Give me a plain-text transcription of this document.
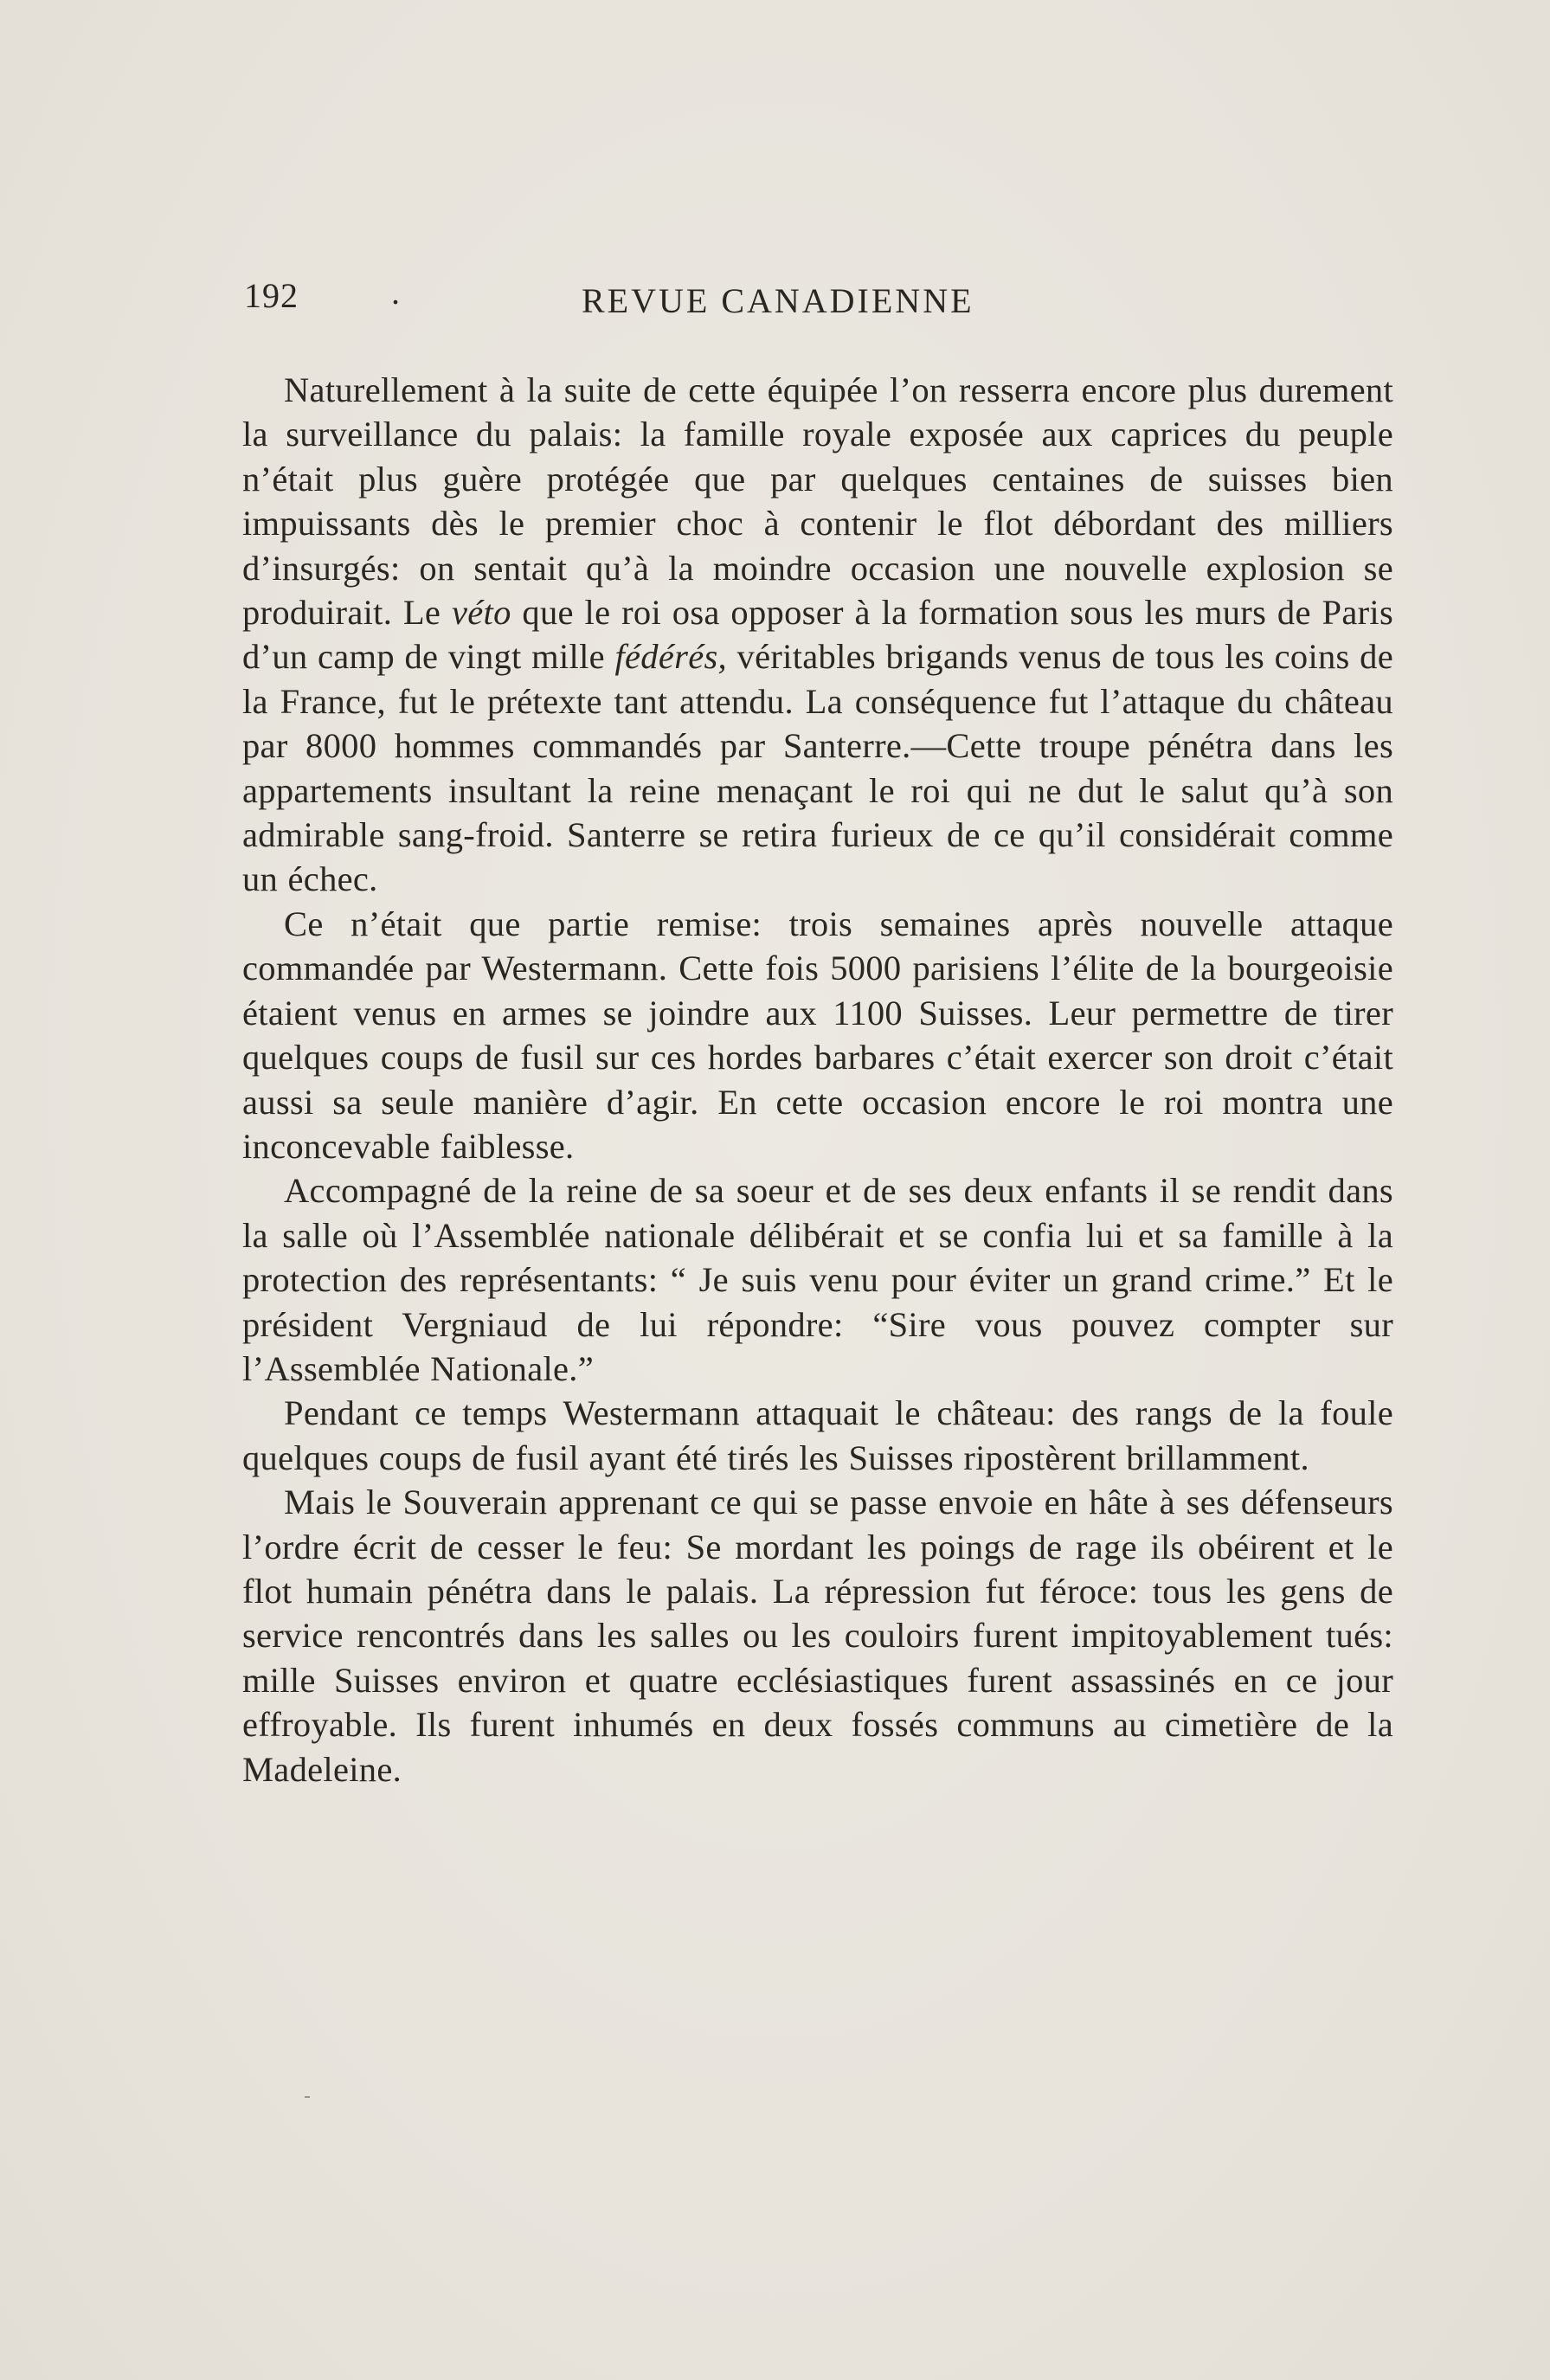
192	.	REVUE CANADIENNE

Naturellement à la suite de cette équipée l’on resserra encore plus durement la surveillance du palais: la famille royale exposée aux caprices du peuple n’était plus guère protégée que par quelques centaines de suisses bien impuissants dès le premier choc à contenir le flot débordant des milliers d’insurgés: on sentait qu’à la moindre occasion une nouvelle explosion se produirait. Le véto que le roi osa opposer à la formation sous les murs de Paris d’un camp de vingt mille fédérés, véritables brigands venus de tous les coins de la France, fut le prétexte tant attendu. La conséquence fut l’attaque du château par 8000 hommes commandés par Santerre.—Cette troupe pénétra dans les appartements insultant la reine menaçant le roi qui ne dut le salut qu’à son admirable sang-froid. Santerre se retira furieux de ce qu’il considérait comme un échec.

Ce n’était que partie remise: trois semaines après nouvelle attaque commandée par Westermann. Cette fois 5000 parisiens l’élite de la bourgeoisie étaient venus en armes se joindre aux 1100 Suisses. Leur permettre de tirer quelques coups de fusil sur ces hordes barbares c’était exercer son droit c’était aussi sa seule manière d’agir. En cette occasion encore le roi montra une inconcevable faiblesse.

Accompagné de la reine de sa soeur et de ses deux enfants il se rendit dans la salle où l’Assemblée nationale délibérait et se confia lui et sa famille à la protection des représentants: “ Je suis venu pour éviter un grand crime.” Et le président Vergniaud de lui répondre: “Sire vous pouvez compter sur l’Assemblée Nationale.”

Pendant ce temps Westermann attaquait le château: des rangs de la foule quelques coups de fusil ayant été tirés les Suisses ripostèrent brillamment.

Mais le Souverain apprenant ce qui se passe envoie en hâte à ses défenseurs l’ordre écrit de cesser le feu: Se mordant les poings de rage ils obéirent et le flot humain pénétra dans le palais. La répression fut féroce: tous les gens de service rencontrés dans les salles ou les couloirs furent impitoyablement tués: mille Suisses environ et quatre ecclésiastiques furent assassinés en ce jour effroyable. Ils furent inhumés en deux fossés communs au cimetière de la Madeleine.
